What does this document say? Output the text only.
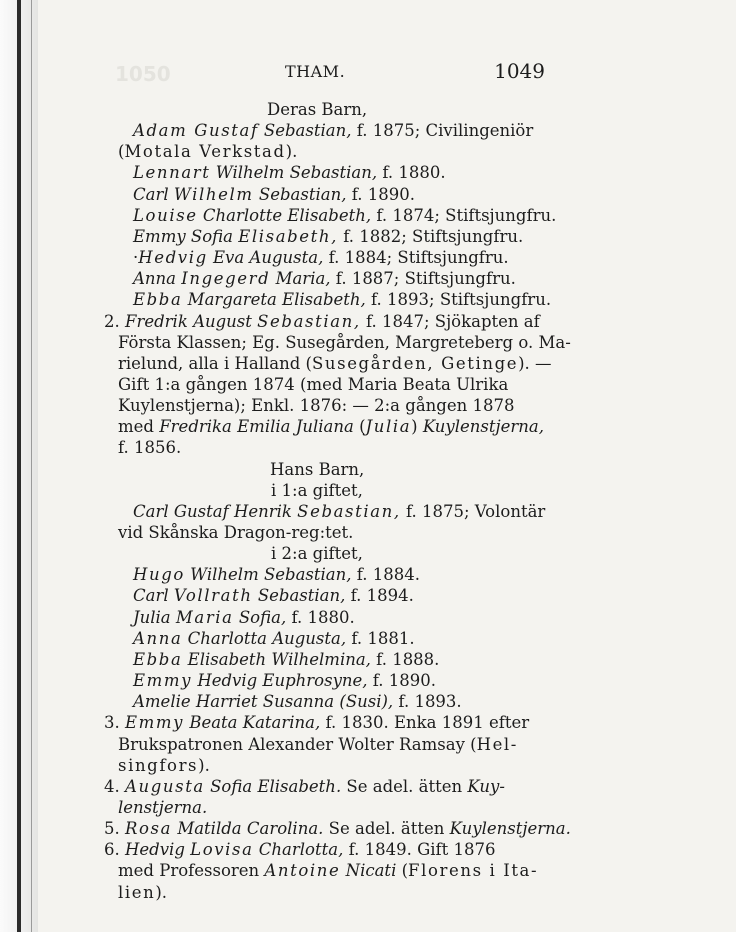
1050	THAM.	1049
Deras Barn,
Adam Gustaf Sebastian, f. 1875; Civilingeniör
(Motala Verkstad).
Lennart Wilhelm Sebastian, f. 1880.
Carl Wilhelm Sebastian, f. 1890.
Louise Charlotte Elisabeth, f. 1874; Stiftsjungfru.
Emmy Sofia Elisabeth, f. 1882; Stiftsjungfru.
·Hedvig Eva Augusta, f. 1884; Stiftsjungfru.
Anna Ingegerd Maria, f. 1887; Stiftsjungfru.
Ebba Margareta Elisabeth, f. 1893; Stiftsjungfru.
2. Fredrik August Sebastian, f. 1847; Sjökapten af
Första Klassen; Eg. Susegården, Margreteberg o. Ma-
rielund, alla i Halland (Susegården, Getinge). —
Gift 1:a gången 1874 (med Maria Beata Ulrika
Kuylenstjerna); Enkl. 1876: — 2:a gången 1878
med Fredrika Emilia Juliana (Julia) Kuylenstjerna,
f. 1856.
Hans Barn,
i 1:a giftet,
Carl Gustaf Henrik Sebastian, f. 1875; Volontär
vid Skånska Dragon-reg:tet.
i 2:a giftet,
Hugo Wilhelm Sebastian, f. 1884.
Carl Vollrath Sebastian, f. 1894.
Julia Maria Sofia, f. 1880.
Anna Charlotta Augusta, f. 1881.
Ebba Elisabeth Wilhelmina, f. 1888.
Emmy Hedvig Euphrosyne, f. 1890.
Amelie Harriet Susanna (Susi), f. 1893.
3. Emmy Beata Katarina, f. 1830. Enka 1891 efter
Brukspatronen Alexander Wolter Ramsay (Hel-
singfors).
4. Augusta Sofia Elisabeth. Se adel. ätten Kuy-
lenstjerna.
5. Rosa Matilda Carolina. Se adel. ätten Kuylenstjerna.
6. Hedvig Lovisa Charlotta, f. 1849. Gift 1876
med Professoren Antoine Nicati (Florens i Ita-
lien).
